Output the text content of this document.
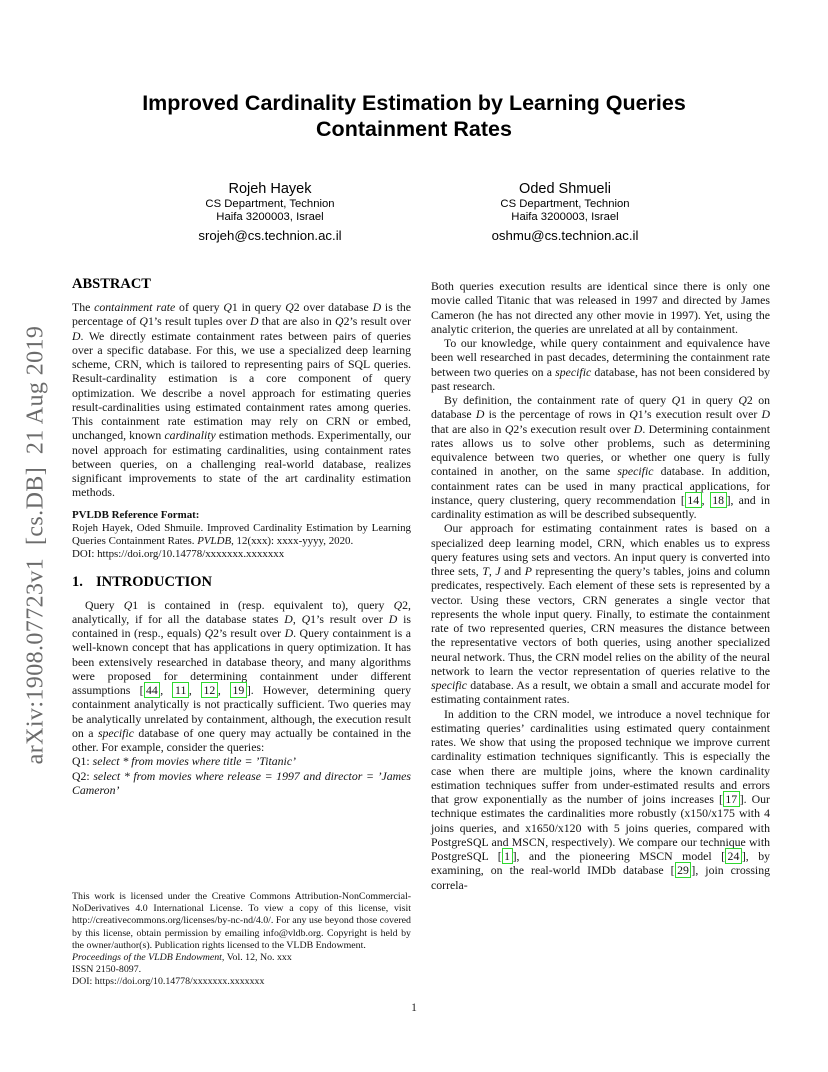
arXiv:1908.07723v1  [cs.DB]  21 Aug 2019
Improved Cardinality Estimation by Learning Queries
Containment Rates
Rojeh Hayek
CS Department, Technion
Haifa 3200003, Israel
srojeh@cs.technion.ac.il
Oded Shmueli
CS Department, Technion
Haifa 3200003, Israel
oshmu@cs.technion.ac.il
ABSTRACT

The containment rate of query Q1 in query Q2 over database D is the percentage of Q1’s result tuples over D that are also in Q2’s result over D. We directly estimate containment rates between pairs of queries over a specific database. For this, we use a specialized deep learning scheme, CRN, which is tailored to representing pairs of SQL queries. Result-cardinality estimation is a core component of query optimization. We describe a novel approach for estimating queries result-cardinalities using estimated containment rates among queries. This containment rate estimation may rely on CRN or embed, unchanged, known cardinality estimation methods. Experimentally, our novel approach for estimating cardinalities, using containment rates between queries, on a challenging real-world database, realizes significant improvements to state of the art cardinality estimation methods.

PVLDB Reference Format:

Rojeh Hayek, Oded Shmuile. Improved Cardinality Estimation by Learning Queries Containment Rates. PVLDB, 12(xxx): xxxx-yyyy, 2020.
DOI: https://doi.org/10.14778/xxxxxxx.xxxxxxx

1. INTRODUCTION

Query Q1 is contained in (resp. equivalent to), query Q2, analytically, if for all the database states D, Q1’s result over D is contained in (resp., equals) Q2’s result over D. Query containment is a well-known concept that has applications in query optimization. It has been extensively researched in database theory, and many algorithms were proposed for determining containment under different assumptions [ 44 , 11 , 12 , 19 ]. However, determining query containment analytically is not practically sufficient. Two queries may be analytically unrelated by containment, although, the execution result on a specific database of one query may actually be contained in the other. For example, consider the queries:
Q1: select * from movies where title = ’Titanic’
Q2: select * from movies where release = 1997 and director = ’James Cameron’

This work is licensed under the Creative Commons Attribution-NonCommercial-NoDerivatives 4.0 International License. To view a copy of this license, visit http://creativecommons.org/licenses/by-nc-nd/4.0/. For any use beyond those covered by this license, obtain permission by emailing info@vldb.org. Copyright is held by the owner/author(s). Publication rights licensed to the VLDB Endowment.
Proceedings of the VLDB Endowment, Vol. 12, No. xxx
ISSN 2150-8097.
DOI: https://doi.org/10.14778/xxxxxxx.xxxxxxx

Both queries execution results are identical since there is only one movie called Titanic that was released in 1997 and directed by James Cameron (he has not directed any other movie in 1997). Yet, using the analytic criterion, the queries are unrelated at all by containment.

To our knowledge, while query containment and equivalence have been well researched in past decades, determining the containment rate between two queries on a specific database, has not been considered by past research.

By definition, the containment rate of query Q1 in query Q2 on database D is the percentage of rows in Q1’s execution result over D that are also in Q2’s execution result over D. Determining containment rates allows us to solve other problems, such as determining equivalence between two queries, or whether one query is fully contained in another, on the same specific database. In addition, containment rates can be used in many practical applications, for instance, query clustering, query recommendation [ 14 , 18 ], and in cardinality estimation as will be described subsequently.

Our approach for estimating containment rates is based on a specialized deep learning model, CRN, which enables us to express query features using sets and vectors. An input query is converted into three sets, T, J and P representing the query’s tables, joins and column predicates, respectively. Each element of these sets is represented by a vector. Using these vectors, CRN generates a single vector that represents the whole input query. Finally, to estimate the containment rate of two represented queries, CRN measures the distance between the representative vectors of both queries, using another specialized neural network. Thus, the CRN model relies on the ability of the neural network to learn the vector representation of queries relative to the specific database. As a result, we obtain a small and accurate model for estimating containment rates.

In addition to the CRN model, we introduce a novel technique for estimating queries’ cardinalities using estimated query containment rates. We show that using the proposed technique we improve current cardinality estimation techniques significantly. This is especially the case when there are multiple joins, where the known cardinality estimation techniques suffer from under-estimated results and errors that grow exponentially as the number of joins increases [ 17 ]. Our technique estimates the cardinalities more robustly (x150/x175 with 4 joins queries, and x1650/x120 with 5 joins queries, compared with PostgreSQL and MSCN, respectively). We compare our technique with PostgreSQL [ 1 ], and the pioneering MSCN model [ 24 ], by examining, on the real-world IMDb database [ 29 ], join crossing correla-

1
